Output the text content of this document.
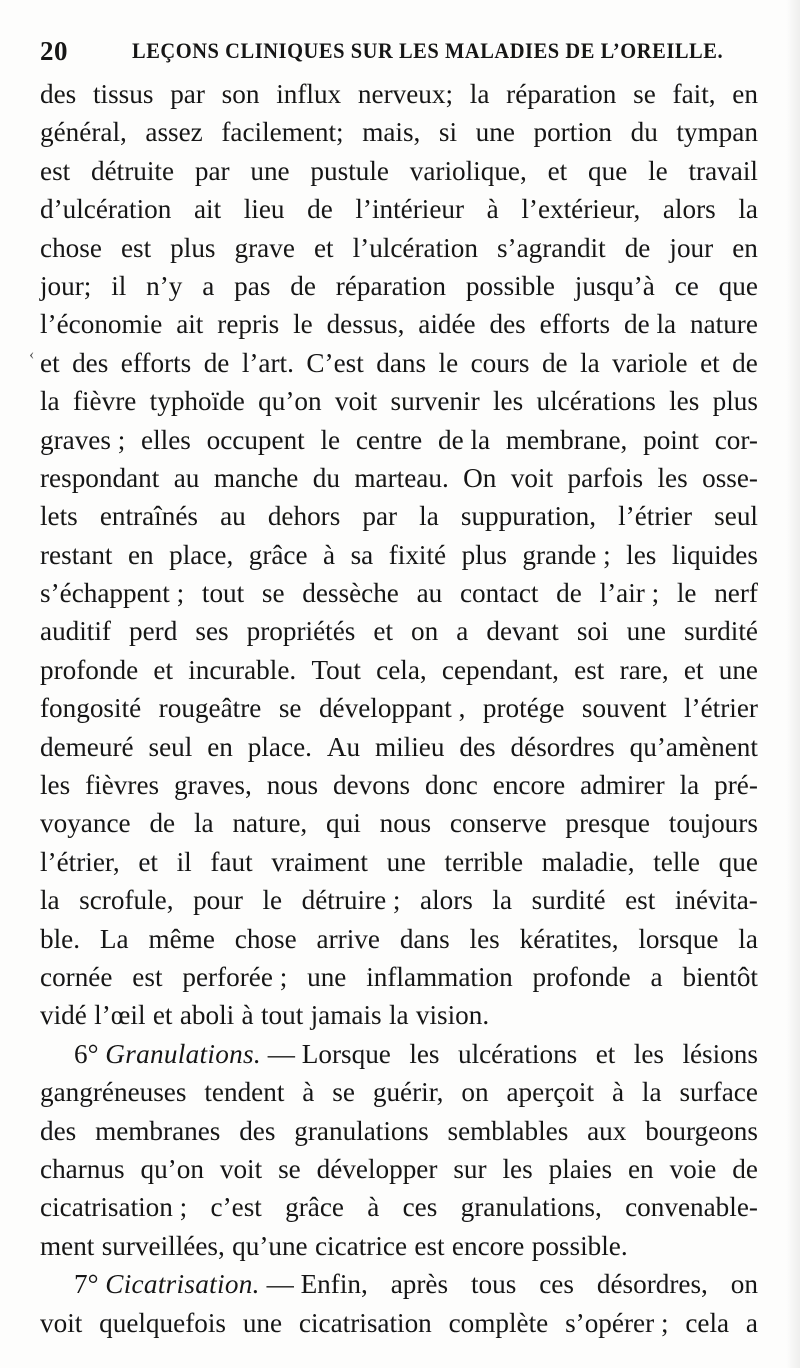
20	LEÇONS CLINIQUES SUR LES MALADIES DE L’OREILLE.
‹
des tissus par son influx nerveux; la réparation se fait, en
général, assez facilement; mais, si une portion du tympan
est détruite par une pustule variolique, et que le travail
d’ulcération ait lieu de l’intérieur à l’extérieur, alors la
chose est plus grave et l’ulcération s’agrandit de jour en
jour; il n’y a pas de réparation possible jusqu’à ce que
l’économie ait repris le dessus, aidée des efforts de la nature
et des efforts de l’art. C’est dans le cours de la variole et de
la fièvre typhoïde qu’on voit survenir les ulcérations les plus
graves ; elles occupent le centre de la membrane, point cor-
respondant au manche du marteau. On voit parfois les osse-
lets entraînés au dehors par la suppuration, l’étrier seul
restant en place, grâce à sa fixité plus grande ; les liquides
s’échappent ; tout se dessèche au contact de l’air ; le nerf
auditif perd ses propriétés et on a devant soi une surdité
profonde et incurable. Tout cela, cependant, est rare, et une
fongosité rougeâtre se développant , protége souvent l’étrier
demeuré seul en place. Au milieu des désordres qu’amènent
les fièvres graves, nous devons donc encore admirer la pré-
voyance de la nature, qui nous conserve presque toujours
l’étrier, et il faut vraiment une terrible maladie, telle que
la scrofule, pour le détruire ; alors la surdité est inévita-
ble. La même chose arrive dans les kératites, lorsque la
cornée est perforée ; une inflammation profonde a bientôt
vidé l’œil et aboli à tout jamais la vision.
6° Granulations. — Lorsque les ulcérations et les lésions
gangréneuses tendent à se guérir, on aperçoit à la surface
des membranes des granulations semblables aux bourgeons
charnus qu’on voit se développer sur les plaies en voie de
cicatrisation ; c’est grâce à ces granulations, convenable-
ment surveillées, qu’une cicatrice est encore possible.
7° Cicatrisation. — Enfin, après tous ces désordres, on
voit quelquefois une cicatrisation complète s’opérer ; cela a
